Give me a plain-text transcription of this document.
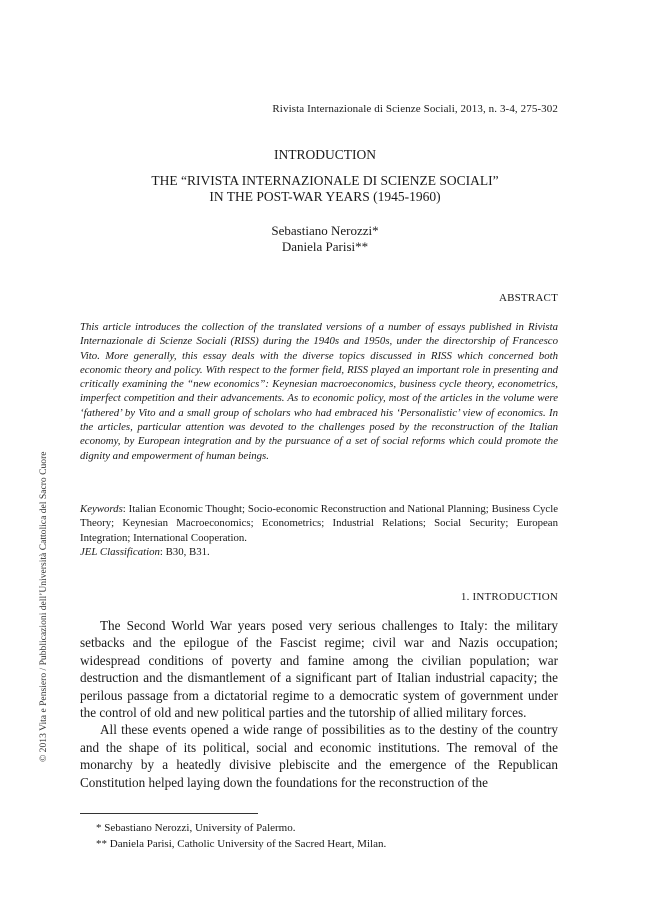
Rivista Internazionale di Scienze Sociali, 2013, n. 3-4, 275-302
INTRODUCTION
THE “RIVISTA INTERNAZIONALE DI SCIENZE SOCIALI”
IN THE POST-WAR YEARS (1945-1960)
Sebastiano Nerozzi*
Daniela Parisi**
ABSTRACT
This article introduces the collection of the translated versions of a number of essays published in Rivista Internazionale di Scienze Sociali (RISS) during the 1940s and 1950s, under the directorship of Francesco Vito. More generally, this essay deals with the diverse topics discussed in RISS which concerned both economic theory and policy. With respect to the former field, RISS played an important role in presenting and critically examining the “new economics”: Keynesian macroeconomics, business cycle theory, econometrics, imperfect competition and their advancements. As to economic policy, most of the articles in the volume were ‘fathered’ by Vito and a small group of scholars who had embraced his ‘Personalistic’ view of economics. In the articles, particular attention was devoted to the challenges posed by the reconstruction of the Italian economy, by European integration and by the pursuance of a set of social reforms which could promote the dignity and empowerment of human beings.
Keywords: Italian Economic Thought; Socio-economic Reconstruction and National Planning; Business Cycle Theory; Keynesian Macroeconomics; Econometrics; Industrial Relations; Social Security; European Integration; International Cooperation.
JEL Classification: B30, B31.
1. INTRODUCTION

The Second World War years posed very serious challenges to Italy: the military setbacks and the epilogue of the Fascist regime; civil war and Nazis occupation; widespread conditions of poverty and famine among the civilian population; war destruction and the dismantlement of a significant part of Italian industrial capacity; the perilous passage from a dictatorial regime to a democratic system of government under the control of old and new political parties and the tutorship of allied military forces.

All these events opened a wide range of possibilities as to the destiny of the country and the shape of its political, social and economic institutions. The removal of the monarchy by a heatedly divisive plebiscite and the emergence of the Republican Constitution helped laying down the foundations for the reconstruction of the

* Sebastiano Nerozzi, University of Palermo.
** Daniela Parisi, Catholic University of the Sacred Heart, Milan.
© 2013 Vita e Pensiero / Pubblicazioni dell’Università Cattolica del Sacro Cuore
